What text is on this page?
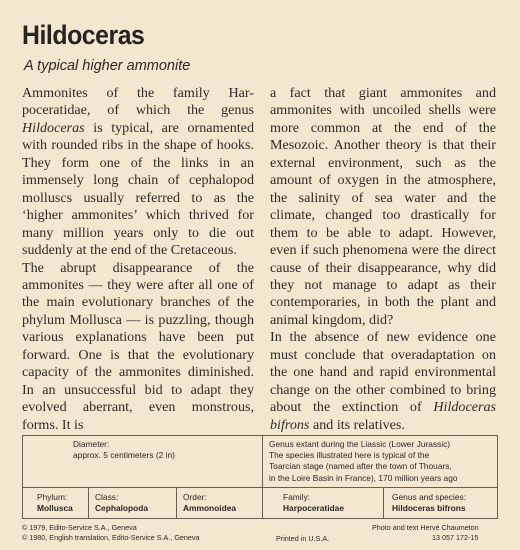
Hildoceras
A typical higher ammonite

Ammonites of the family Har-poceratidae, of which the genus Hildoceras is typical, are ornamented with rounded ribs in the shape of hooks. They form one of the links in an immensely long chain of cephalopod molluscs usually referred to as the ‘higher ammonites’ which thrived for many million years only to die out suddenly at the end of the Cretaceous.

The abrupt disappearance of the ammonites — they were after all one of the main evolutionary branches of the phylum Mollusca — is puzzling, though various explanations have been put forward. One is that the evolutionary capacity of the ammonites diminished. In an unsuccessful bid to adapt they evolved aberrant, even monstrous, forms. It is

a fact that giant ammonites and ammonites with uncoiled shells were more common at the end of the Mesozoic. Another theory is that their external environment, such as the amount of oxygen in the atmosphere, the salinity of sea water and the climate, changed too drastically for them to be able to adapt. However, even if such phenomena were the direct cause of their disappearance, why did they not manage to adapt as their contemporaries, in both the plant and animal kingdom, did?

In the absence of new evidence one must conclude that overadaptation on the one hand and rapid environmental change on the other combined to bring about the extinction of Hildoceras bifrons and its relatives.

Diameter:
approx. 5 centimeters (2 in)
Genus extant during the Liassic (Lower Jurassic)
The species illustrated here is typical of the
Toarcian stage (named after the town of Thouars,
in the Loire Basin in France), 170 million years ago
Phylum:
Mollusca
Class:
Cephalopoda
Order:
Ammonoidea
Family:
Harpoceratidae
Genus and species:
Hildoceras bifrons
© 1979, Edito-Service S.A., Geneva
© 1980, English translation, Edito-Service S.A., Geneva	Printed in U.S.A.
Photo and text Hervé Chaumeton
13 057 172-15
